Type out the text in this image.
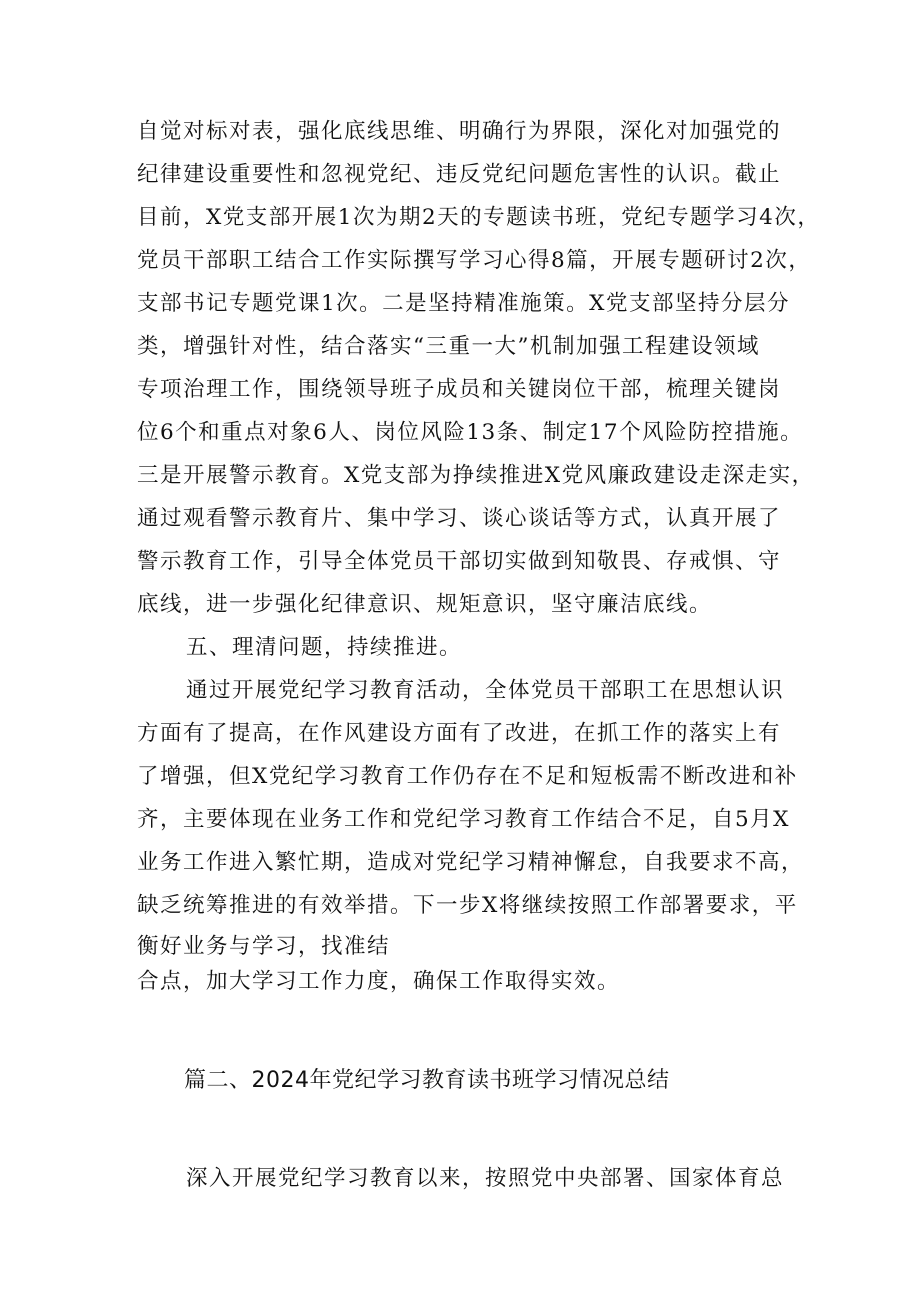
自觉对标对表，强化底线思维、明确行为界限，深化对加强党的
纪律建设重要性和忽视党纪、违反党纪问题危害性的认识。截止
目前，X党支部开展1次为期2天的专题读书班，党纪专题学习4次，
党员干部职工结合工作实际撰写学习心得8篇，开展专题研讨2次，
支部书记专题党课1次。二是坚持精准施策。X党支部坚持分层分
类，增强针对性，结合落实“三重一大”机制加强工程建设领域
专项治理工作，围绕领导班子成员和关键岗位干部，梳理关键岗
位6个和重点对象6人、岗位风险13条、制定17个风险防控措施。
三是开展警示教育。X党支部为挣续推进X党风廉政建设走深走实，
通过观看警示教育片、集中学习、谈心谈话等方式，认真开展了
警示教育工作，引导全体党员干部切实做到知敬畏、存戒惧、守
底线，进一步强化纪律意识、规矩意识，坚守廉洁底线。
五、理清问题，持续推进。
通过开展党纪学习教育活动，全体党员干部职工在思想认识
方面有了提高，在作风建设方面有了改进，在抓工作的落实上有
了增强，但X党纪学习教育工作仍存在不足和短板需不断改进和补
齐，主要体现在业务工作和党纪学习教育工作结合不足，自5月X
业务工作进入繁忙期，造成对党纪学习精神懈怠，自我要求不高，
缺乏统筹推进的有效举措。下一步X将继续按照工作部署要求，平
衡好业务与学习，找准结
合点，加大学习工作力度，确保工作取得实效。
篇二、2024年党纪学习教育读书班学习情况总结
深入开展党纪学习教育以来，按照党中央部署、国家体育总
